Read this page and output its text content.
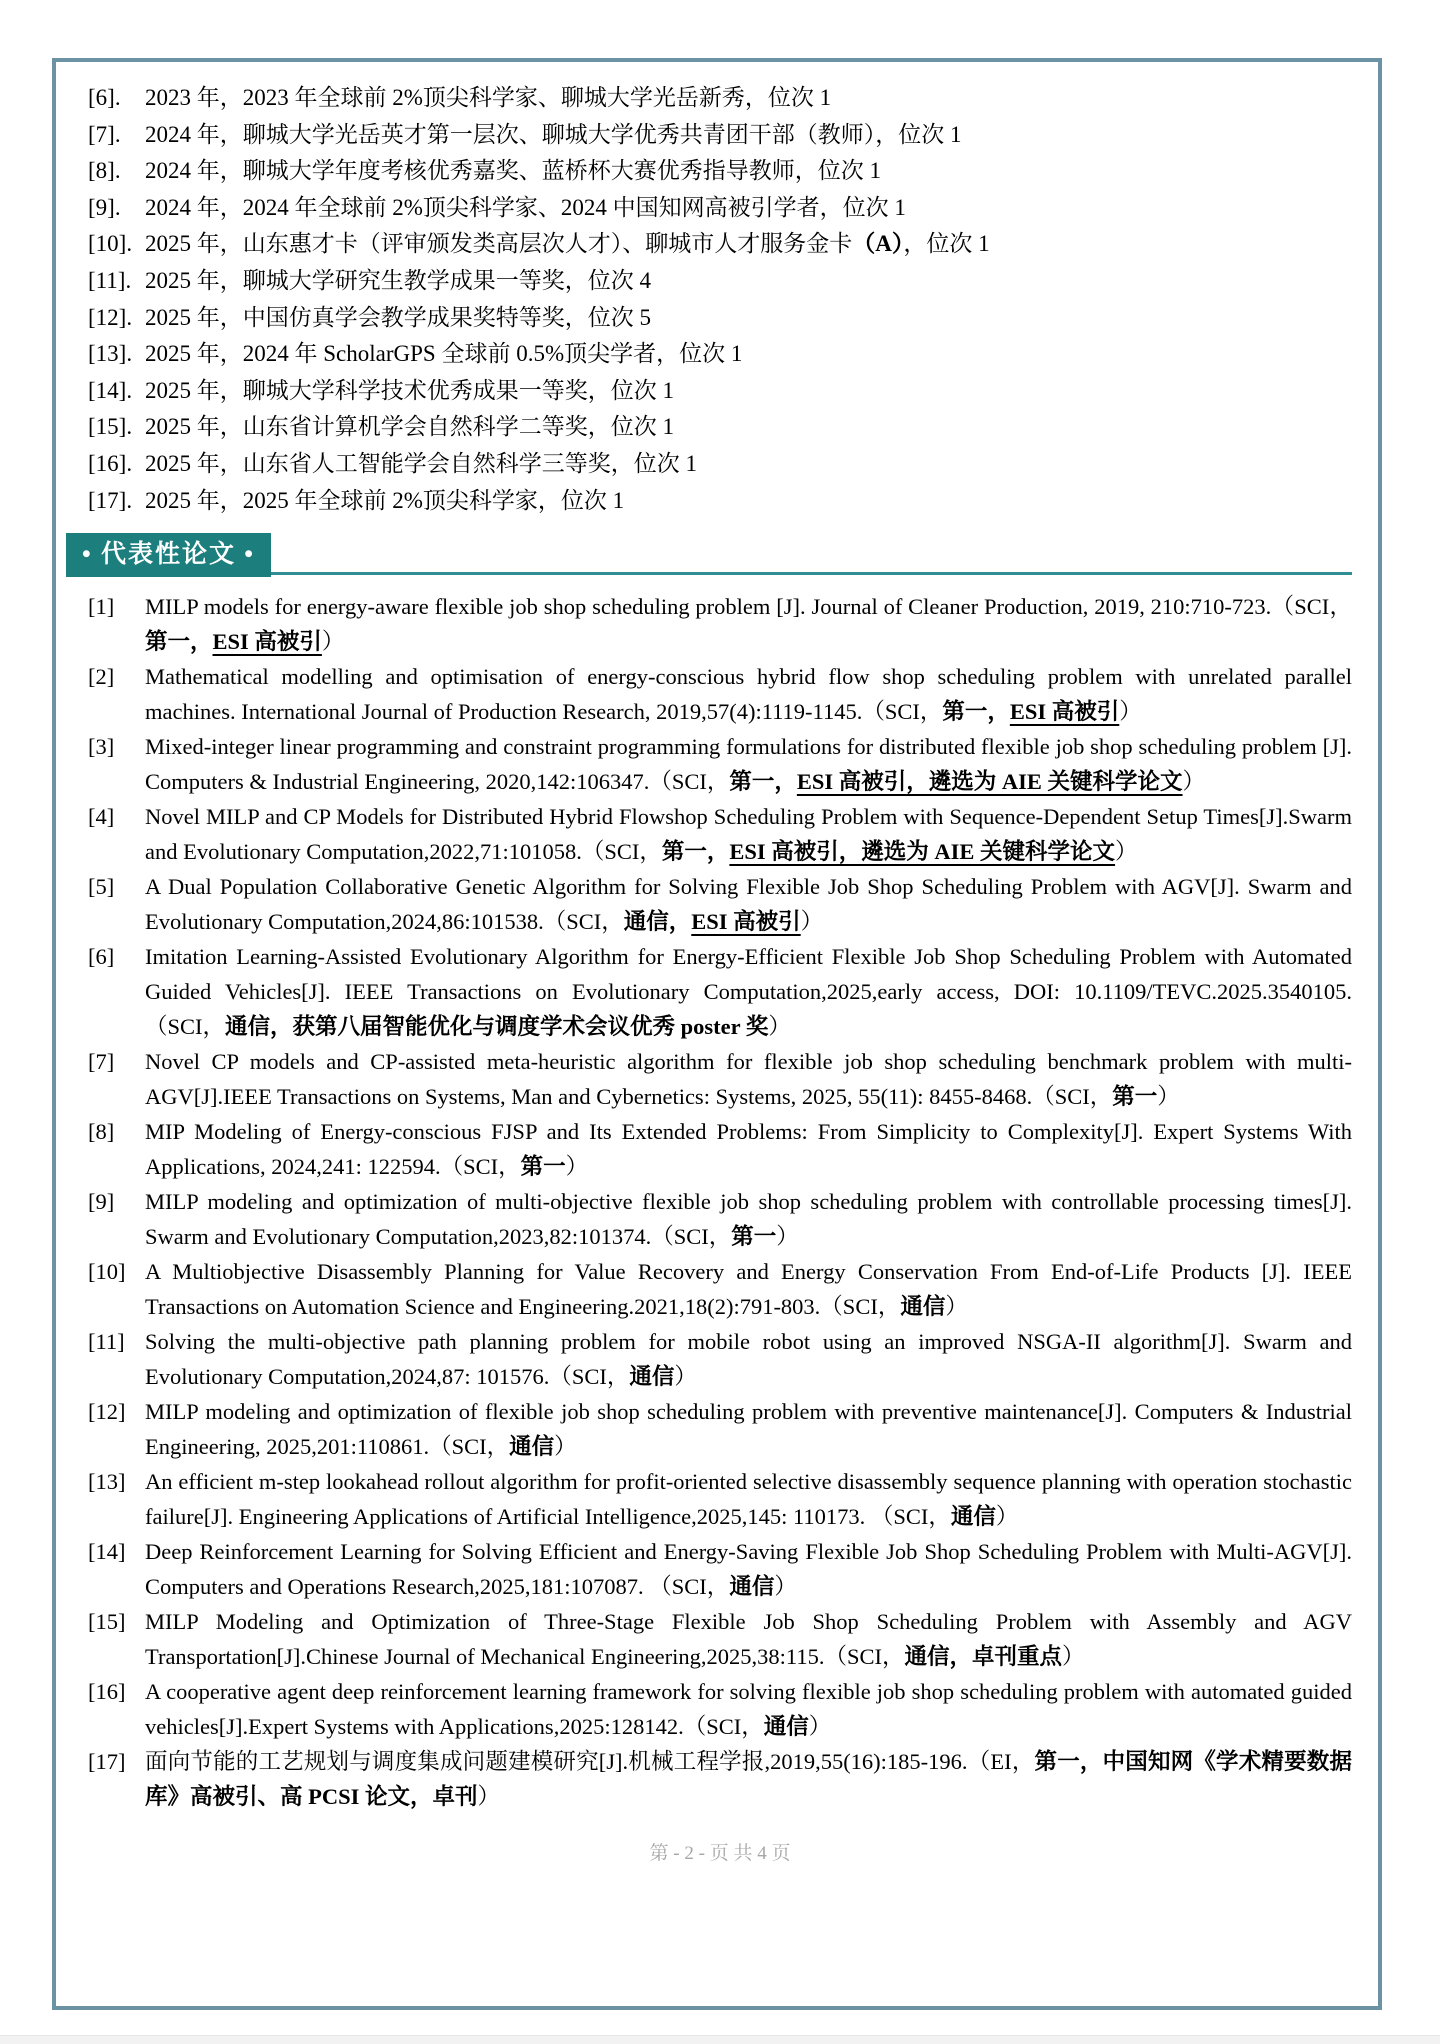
[6]. 2023 年，2023 年全球前 2%顶尖科学家、聊城大学光岳新秀，位次 1
[7]. 2024 年，聊城大学光岳英才第一层次、聊城大学优秀共青团干部（教师），位次 1
[8]. 2024 年，聊城大学年度考核优秀嘉奖、蓝桥杯大赛优秀指导教师，位次 1
[9]. 2024 年，2024 年全球前 2%顶尖科学家、2024 中国知网高被引学者，位次 1
[10]. 2025 年，山东惠才卡（评审颁发类高层次人才）、聊城市人才服务金卡（A），位次 1
[11]. 2025 年，聊城大学研究生教学成果一等奖，位次 4
[12]. 2025 年，中国仿真学会教学成果奖特等奖，位次 5
[13]. 2025 年，2024 年 ScholarGPS 全球前 0.5%顶尖学者，位次 1
[14]. 2025 年，聊城大学科学技术优秀成果一等奖，位次 1
[15]. 2025 年，山东省计算机学会自然科学二等奖，位次 1
[16]. 2025 年，山东省人工智能学会自然科学三等奖，位次 1
[17]. 2025 年，2025 年全球前 2%顶尖科学家，位次 1
• 代表性论文 •
[1] MILP models for energy-aware flexible job shop scheduling problem [J]. Journal of Cleaner Production, 2019, 210:710-723.（SCI，第一，ESI 高被引）
[2] Mathematical modelling and optimisation of energy-conscious hybrid flow shop scheduling problem with unrelated parallel machines. International Journal of Production Research, 2019,57(4):1119-1145.（SCI，第一，ESI 高被引）
[3] Mixed-integer linear programming and constraint programming formulations for distributed flexible job shop scheduling problem [J]. Computers & Industrial Engineering, 2020,142:106347.（SCI，第一，ESI 高被引，遴选为 AIE 关键科学论文）
[4] Novel MILP and CP Models for Distributed Hybrid Flowshop Scheduling Problem with Sequence-Dependent Setup Times[J].Swarm and Evolutionary Computation,2022,71:101058.（SCI，第一，ESI 高被引，遴选为 AIE 关键科学论文）
[5] A Dual Population Collaborative Genetic Algorithm for Solving Flexible Job Shop Scheduling Problem with AGV[J]. Swarm and Evolutionary Computation,2024,86:101538.（SCI，通信，ESI 高被引）
[6] Imitation Learning-Assisted Evolutionary Algorithm for Energy-Efficient Flexible Job Shop Scheduling Problem with Automated Guided Vehicles[J]. IEEE Transactions on Evolutionary Computation,2025,early access, DOI: 10.1109/TEVC.2025.3540105. （SCI，通信，获第八届智能优化与调度学术会议优秀 poster 奖）
[7] Novel CP models and CP-assisted meta-heuristic algorithm for flexible job shop scheduling benchmark problem with multi-AGV[J].IEEE Transactions on Systems, Man and Cybernetics: Systems, 2025, 55(11): 8455-8468.（SCI，第一）
[8] MIP Modeling of Energy-conscious FJSP and Its Extended Problems: From Simplicity to Complexity[J]. Expert Systems With Applications, 2024,241: 122594.（SCI，第一）
[9] MILP modeling and optimization of multi-objective flexible job shop scheduling problem with controllable processing times[J]. Swarm and Evolutionary Computation,2023,82:101374.（SCI，第一）
[10] A Multiobjective Disassembly Planning for Value Recovery and Energy Conservation From End-of-Life Products [J]. IEEE Transactions on Automation Science and Engineering.2021,18(2):791-803.（SCI，通信）
[11] Solving the multi-objective path planning problem for mobile robot using an improved NSGA-II algorithm[J]. Swarm and Evolutionary Computation,2024,87: 101576.（SCI，通信）
[12] MILP modeling and optimization of flexible job shop scheduling problem with preventive maintenance[J]. Computers & Industrial Engineering, 2025,201:110861.（SCI，通信）
[13] An efficient m-step lookahead rollout algorithm for profit-oriented selective disassembly sequence planning with operation stochastic failure[J]. Engineering Applications of Artificial Intelligence,2025,145: 110173. （SCI，通信）
[14] Deep Reinforcement Learning for Solving Efficient and Energy-Saving Flexible Job Shop Scheduling Problem with Multi-AGV[J]. Computers and Operations Research,2025,181:107087. （SCI，通信）
[15] MILP Modeling and Optimization of Three-Stage Flexible Job Shop Scheduling Problem with Assembly and AGV Transportation[J].Chinese Journal of Mechanical Engineering,2025,38:115.（SCI，通信，卓刊重点）
[16] A cooperative agent deep reinforcement learning framework for solving flexible job shop scheduling problem with automated guided vehicles[J].Expert Systems with Applications,2025:128142.（SCI，通信）
[17] 面向节能的工艺规划与调度集成问题建模研究[J].机械工程学报,2019,55(16):185-196.（EI，第一，中国知网《学术精要数据库》高被引、高 PCSI 论文，卓刊）
第 - 2 - 页 共 4 页
